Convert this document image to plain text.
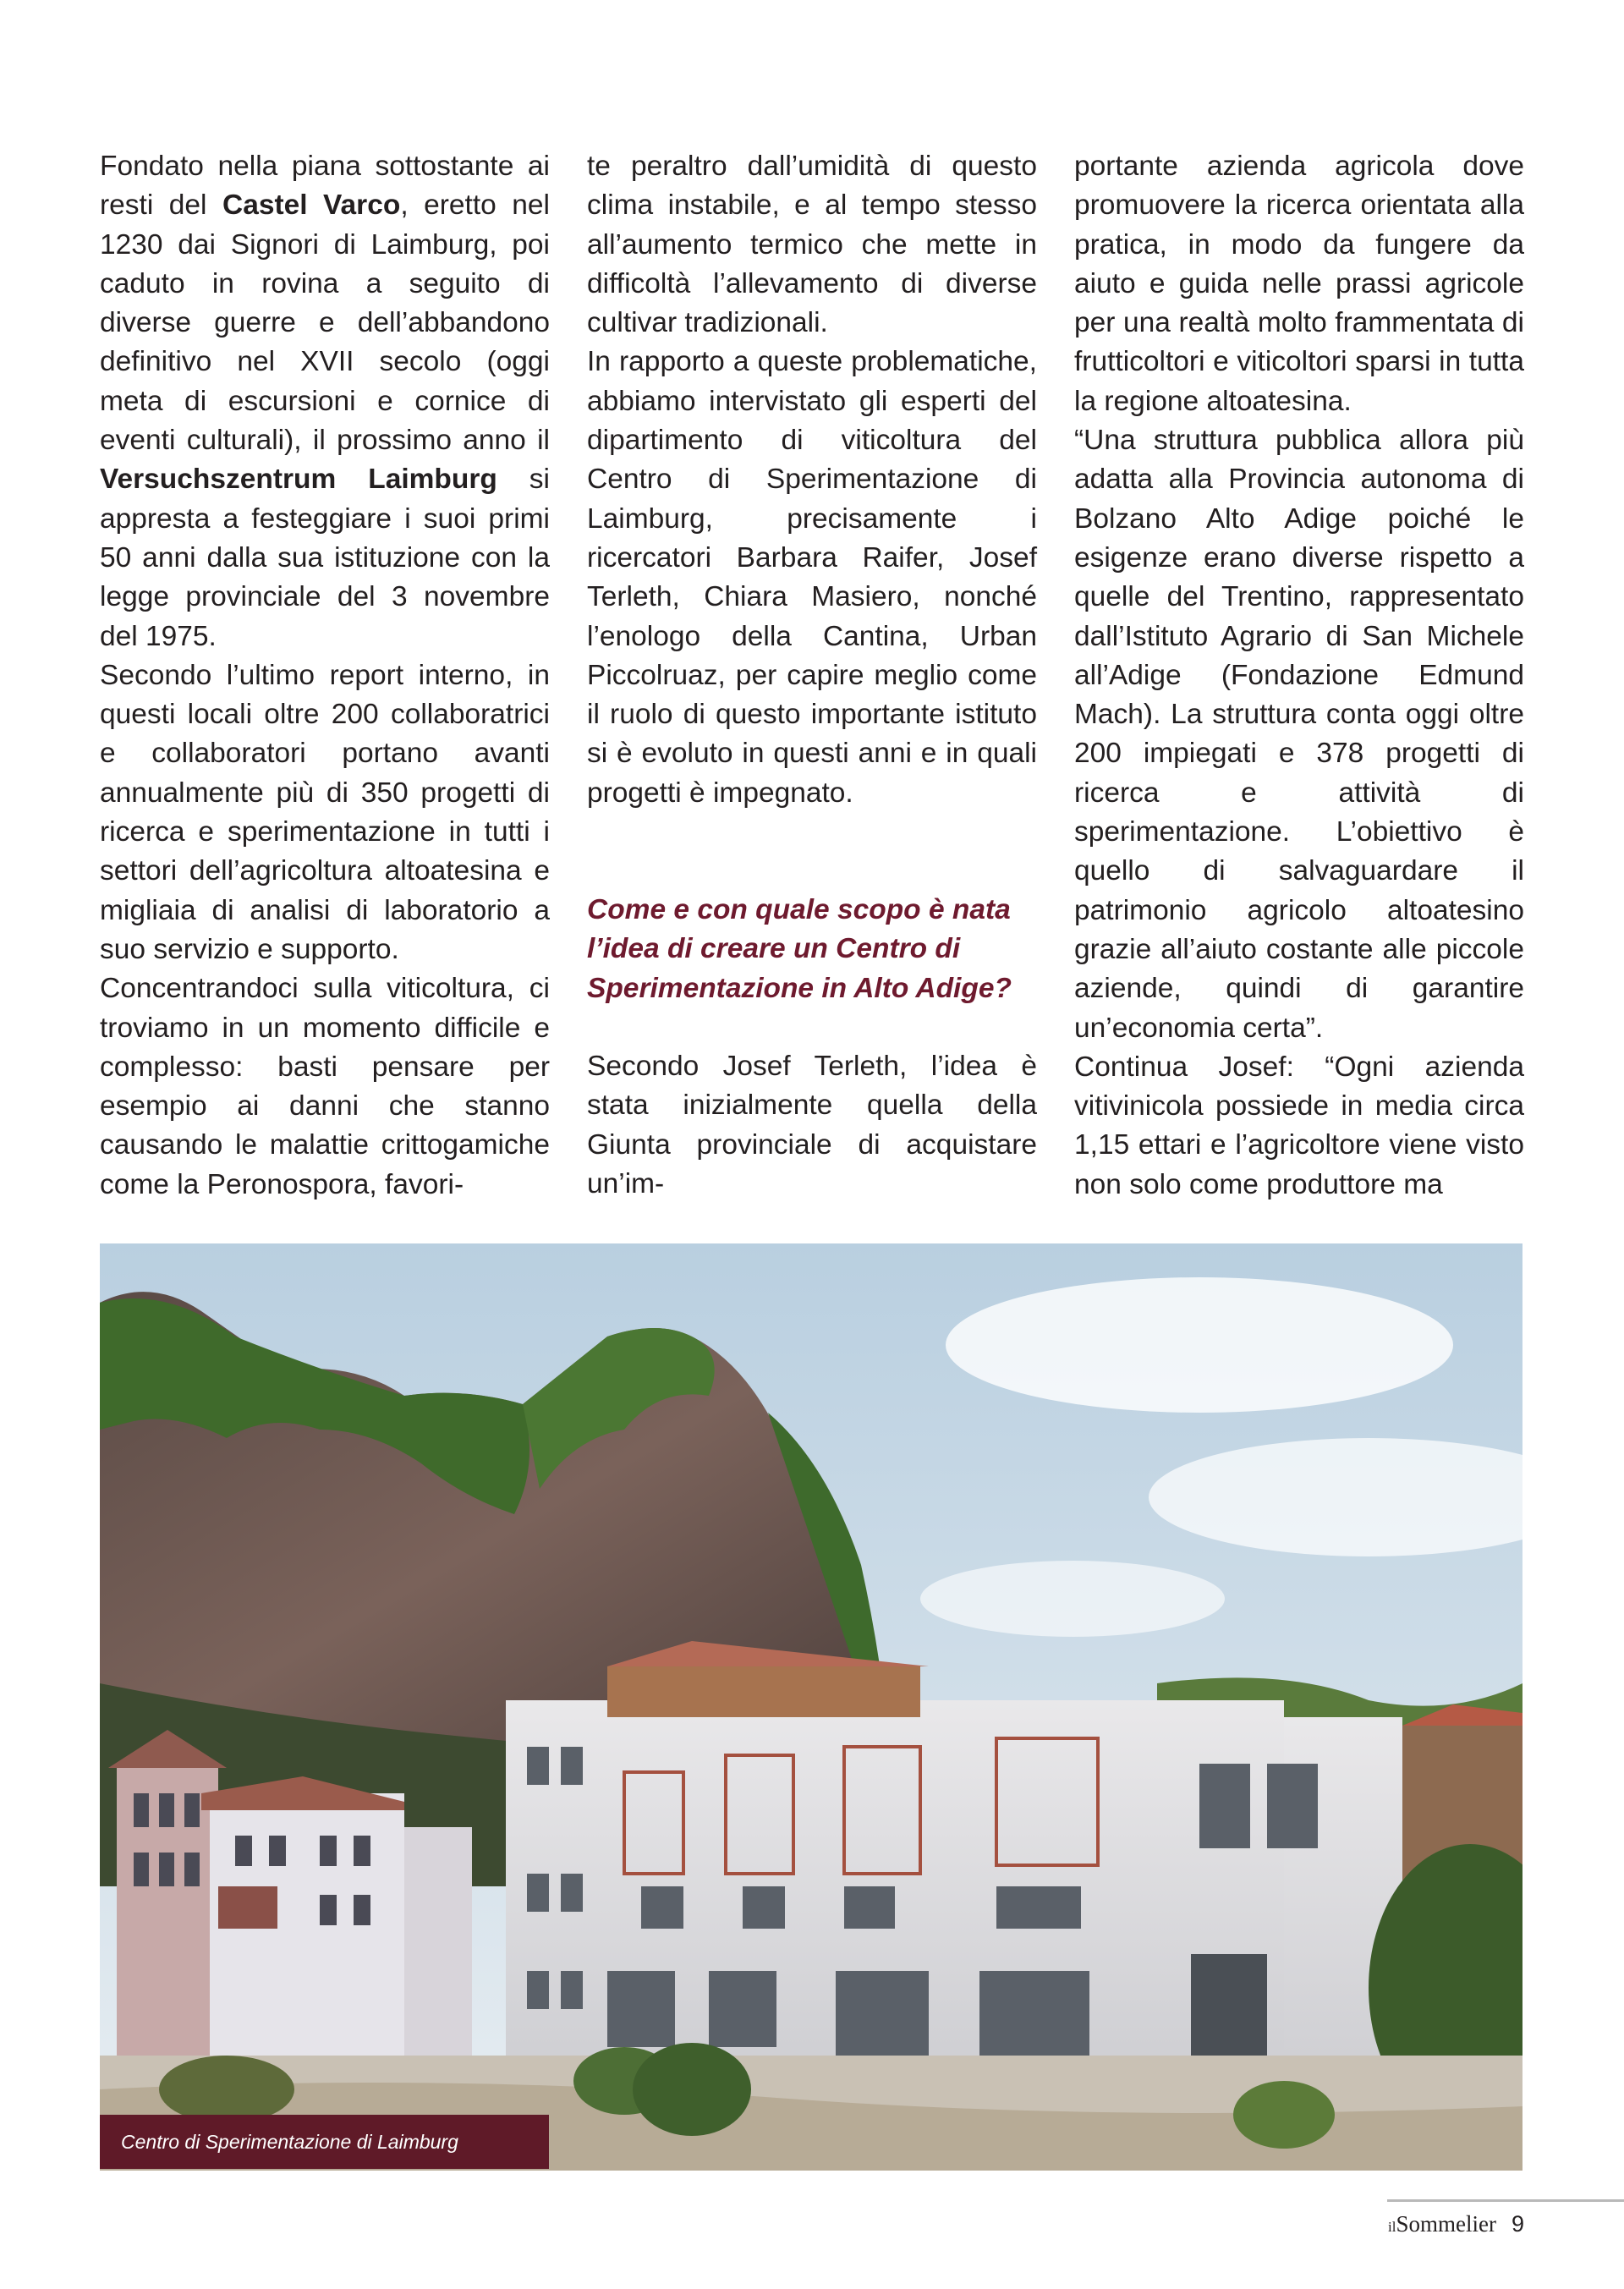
Fondato nella piana sottostante ai resti del Castel Varco, eretto nel 1230 dai Signori di Laimburg, poi caduto in rovina a seguito di diverse guerre e dell’abbandono definitivo nel XVII secolo (oggi meta di escursioni e cornice di eventi culturali), il prossimo anno il Versuchszentrum Laimburg si appresta a festeggiare i suoi primi 50 anni dalla sua istituzione con la legge provinciale del 3 novembre del 1975.

Secondo l’ultimo report interno, in questi locali oltre 200 collaboratrici e collaboratori portano avanti annualmente più di 350 progetti di ricerca e sperimentazione in tutti i settori dell’agricoltura altoatesina e migliaia di analisi di laboratorio a suo servizio e supporto.

Concentrandoci sulla viticoltura, ci troviamo in un momento difficile e complesso: basti pensare per esempio ai danni che stanno causando le malattie crittogamiche come la Peronospora, favori-

te peraltro dall’umidità di questo clima instabile, e al tempo stesso all’aumento termico che mette in difficoltà l’allevamento di diverse cultivar tradizionali.

In rapporto a queste problematiche, abbiamo intervistato gli esperti del dipartimento di viticoltura del Centro di Sperimentazione di Laimburg, precisamente i ricercatori Barbara Raifer, Josef Terleth, Chiara Masiero, nonché l’enologo della Cantina, Urban Piccolruaz, per capire meglio come il ruolo di questo importante istituto si è evoluto in questi anni e in quali progetti è impegnato.

Come e con quale scopo è nata l’idea di creare un Centro di Sperimentazione in Alto Adige?

Secondo Josef Terleth, l’idea è stata inizialmente quella della Giunta provinciale di acquistare un’im-

portante azienda agricola dove promuovere la ricerca orientata alla pratica, in modo da fungere da aiuto e guida nelle prassi agricole per una realtà molto frammentata di frutticoltori e viticoltori sparsi in tutta la regione altoatesina.

“Una struttura pubblica allora più adatta alla Provincia autonoma di Bolzano Alto Adige poiché le esigenze erano diverse rispetto a quelle del Trentino, rappresentato dall’Istituto Agrario di San Michele all’Adige (Fondazione Edmund Mach). La struttura conta oggi oltre 200 impiegati e 378 progetti di ricerca e attività di sperimentazione. L’obiettivo è quello di salvaguardare il patrimonio agricolo altoatesino grazie all’aiuto costante alle piccole aziende, quindi di garantire un’economia certa”.

Continua Josef: “Ogni azienda vitivinicola possiede in media circa 1,15 ettari e l’agricoltore viene visto non solo come produttore ma

Centro di Sperimentazione di Laimburg
il Sommelier 9
